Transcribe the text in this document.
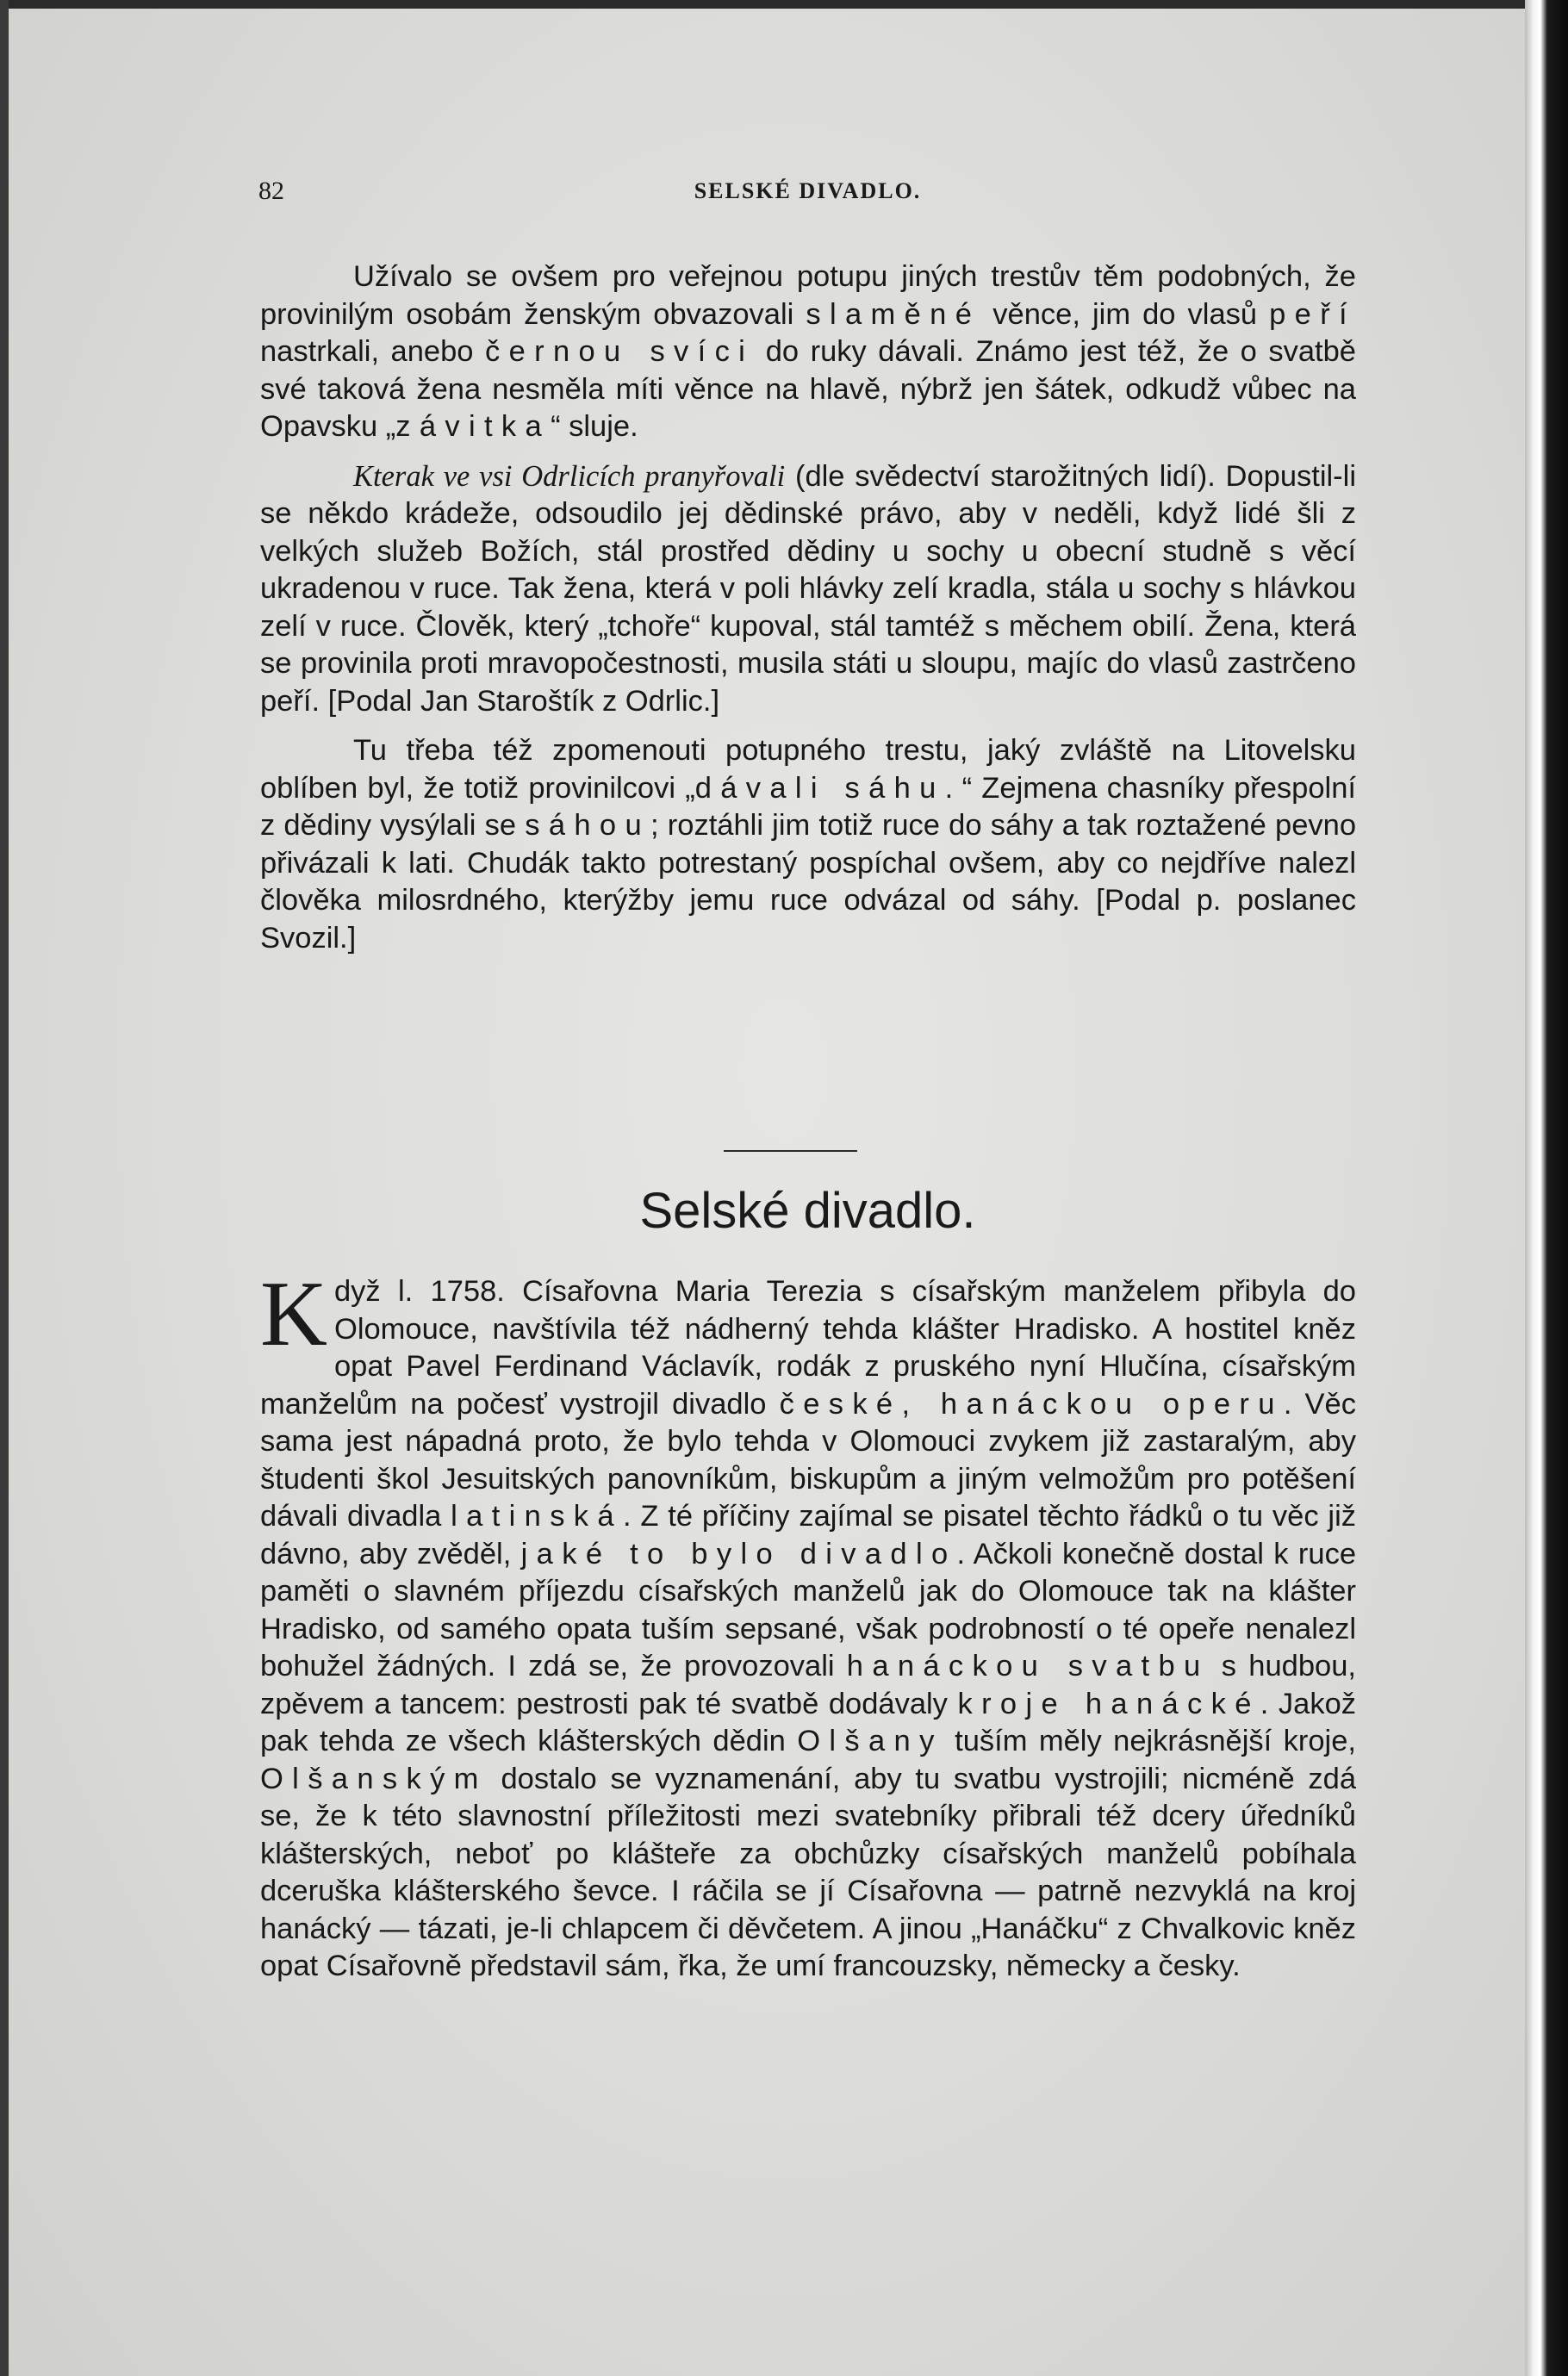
82	SELSKÉ DIVADLO.

Užívalo se ovšem pro veřejnou potupu jiných trestův těm podobných, že provinilým osobám ženským obvazovali slaměné věnce, jim do vlasů peří nastrkali, anebo černou svíci do ruky dávali. Známo jest též, že o svatbě své taková žena nesměla míti věnce na hlavě, nýbrž jen šátek, odkudž vůbec na Opavsku „závitka“ sluje.

Kterak ve vsi Odrlicích pranyřovali (dle svědectví starožitných lidí). Dopustil-li se někdo krádeže, odsoudilo jej dědinské právo, aby v neděli, když lidé šli z velkých služeb Božích, stál prostřed dědiny u sochy u obecní studně s věcí ukradenou v ruce. Tak žena, která v poli hlávky zelí kradla, stála u sochy s hlávkou zelí v ruce. Člověk, který „tchoře“ kupoval, stál tamtéž s měchem obilí. Žena, která se provinila proti mravopočestnosti, musila státi u sloupu, majíc do vlasů zastrčeno peří. [Podal Jan Staroštík z Odrlic.]

Tu třeba též zpomenouti potupného trestu, jaký zvláště na Litovelsku oblíben byl, že totiž provinilcovi „dávali sáhu.“ Zejmena chasníky přespolní z dědiny vysýlali se sáhou; roztáhli jim totiž ruce do sáhy a tak roztažené pevno přivázali k lati. Chudák takto potrestaný pospíchal ovšem, aby co nejdříve nalezl člověka milosrdného, kterýžby jemu ruce odvázal od sáhy. [Podal p. poslanec Svozil.]

Selské divadlo.

Když l. 1758. Císařovna Maria Terezia s císařským manželem přibyla do Olomouce, navštívila též nádherný tehda klášter Hradisko. A hostitel kněz opat Pavel Ferdinand Václavík, rodák z pruského nyní Hlučína, císařským manželům na počesť vystrojil divadlo české, hanáckou operu. Věc sama jest nápadná proto, že bylo tehda v Olomouci zvykem již zastaralým, aby študenti škol Jesuitských panovníkům, biskupům a jiným velmožům pro potěšení dávali divadla latinská. Z té příčiny zajímal se pisatel těchto řádků o tu věc již dávno, aby zvěděl, jaké to bylo divadlo. Ačkoli konečně dostal k ruce paměti o slavném příjezdu císařských manželů jak do Olomouce tak na klášter Hradisko, od samého opata tuším sepsané, však podrobností o té opeře nenalezl bohužel žádných. I zdá se, že provozovali hanáckou svatbu s hudbou, zpěvem a tancem: pestrosti pak té svatbě dodávaly kroje hanácké. Jakož pak tehda ze všech klášterských dědin Olšany tuším měly nejkrásnější kroje, Olšanským dostalo se vyznamenání, aby tu svatbu vystrojili; nicméně zdá se, že k této slavnostní příležitosti mezi svatebníky přibrali též dcery úředníků klášterských, neboť po klášteře za obchůzky císařských manželů pobíhala dceruška klášterského ševce. I ráčila se jí Císařovna — patrně nezvyklá na kroj hanácký — tázati, je-li chlapcem či děvčetem. A jinou „Hanáčku“ z Chvalkovic kněz opat Císařovně představil sám, řka, že umí francouzsky, německy a česky.
